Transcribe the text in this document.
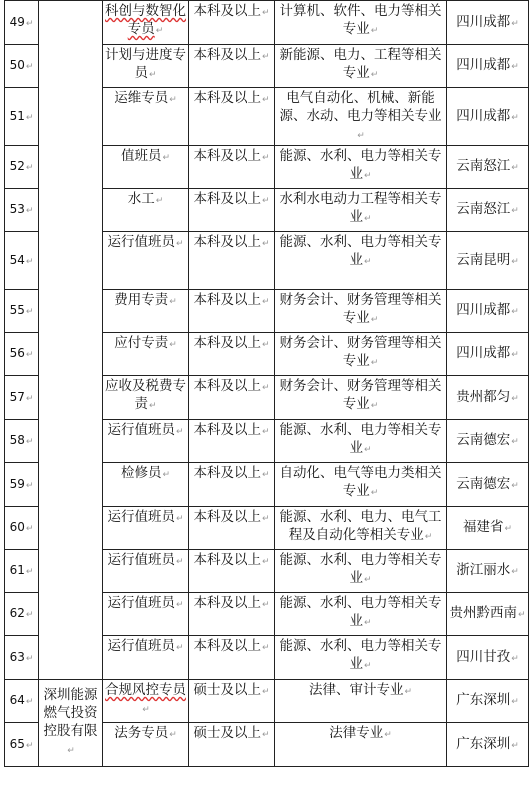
49↵		科创与数智化专员↵	本科及以上↵	计算机、软件、电力等相关专业↵	四川成都↵
50↵		计划与进度专员↵	本科及以上↵	新能源、电力、工程等相关专业↵	四川成都↵
51↵		运维专员↵	本科及以上↵	电气自动化、机械、新能源、水动、电力等相关专业↵	四川成都↵
52↵		值班员↵	本科及以上↵	能源、水利、电力等相关专业↵	云南怒江↵
53↵		水工↵	本科及以上↵	水利水电动力工程等相关专业↵	云南怒江↵
54↵		运行值班员↵	本科及以上↵	能源、水利、电力等相关专业↵	云南昆明↵
55↵		费用专责↵	本科及以上↵	财务会计、财务管理等相关专业↵	四川成都↵
56↵		应付专责↵	本科及以上↵	财务会计、财务管理等相关专业↵	四川成都↵
57↵		应收及税费专责↵	本科及以上↵	财务会计、财务管理等相关专业↵	贵州都匀↵
58↵		运行值班员↵	本科及以上↵	能源、水利、电力等相关专业↵	云南德宏↵
59↵		检修员↵	本科及以上↵	自动化、电气等电力类相关专业↵	云南德宏↵
60↵		运行值班员↵	本科及以上↵	能源、水利、电力、电气工程及自动化等相关专业↵	福建省↵
61↵		运行值班员↵	本科及以上↵	能源、水利、电力等相关专业↵	浙江丽水↵
62↵		运行值班员↵	本科及以上↵	能源、水利、电力等相关专业↵	贵州黔西南↵
63↵		运行值班员↵	本科及以上↵	能源、水利、电力等相关专业↵	四川甘孜↵
64↵	深圳能源燃气投资控股有限↵	合规风控专员↵	硕士及以上↵	法律、审计专业↵	广东深圳↵
65↵		法务专员↵	硕士及以上↵	法律专业↵	广东深圳↵
